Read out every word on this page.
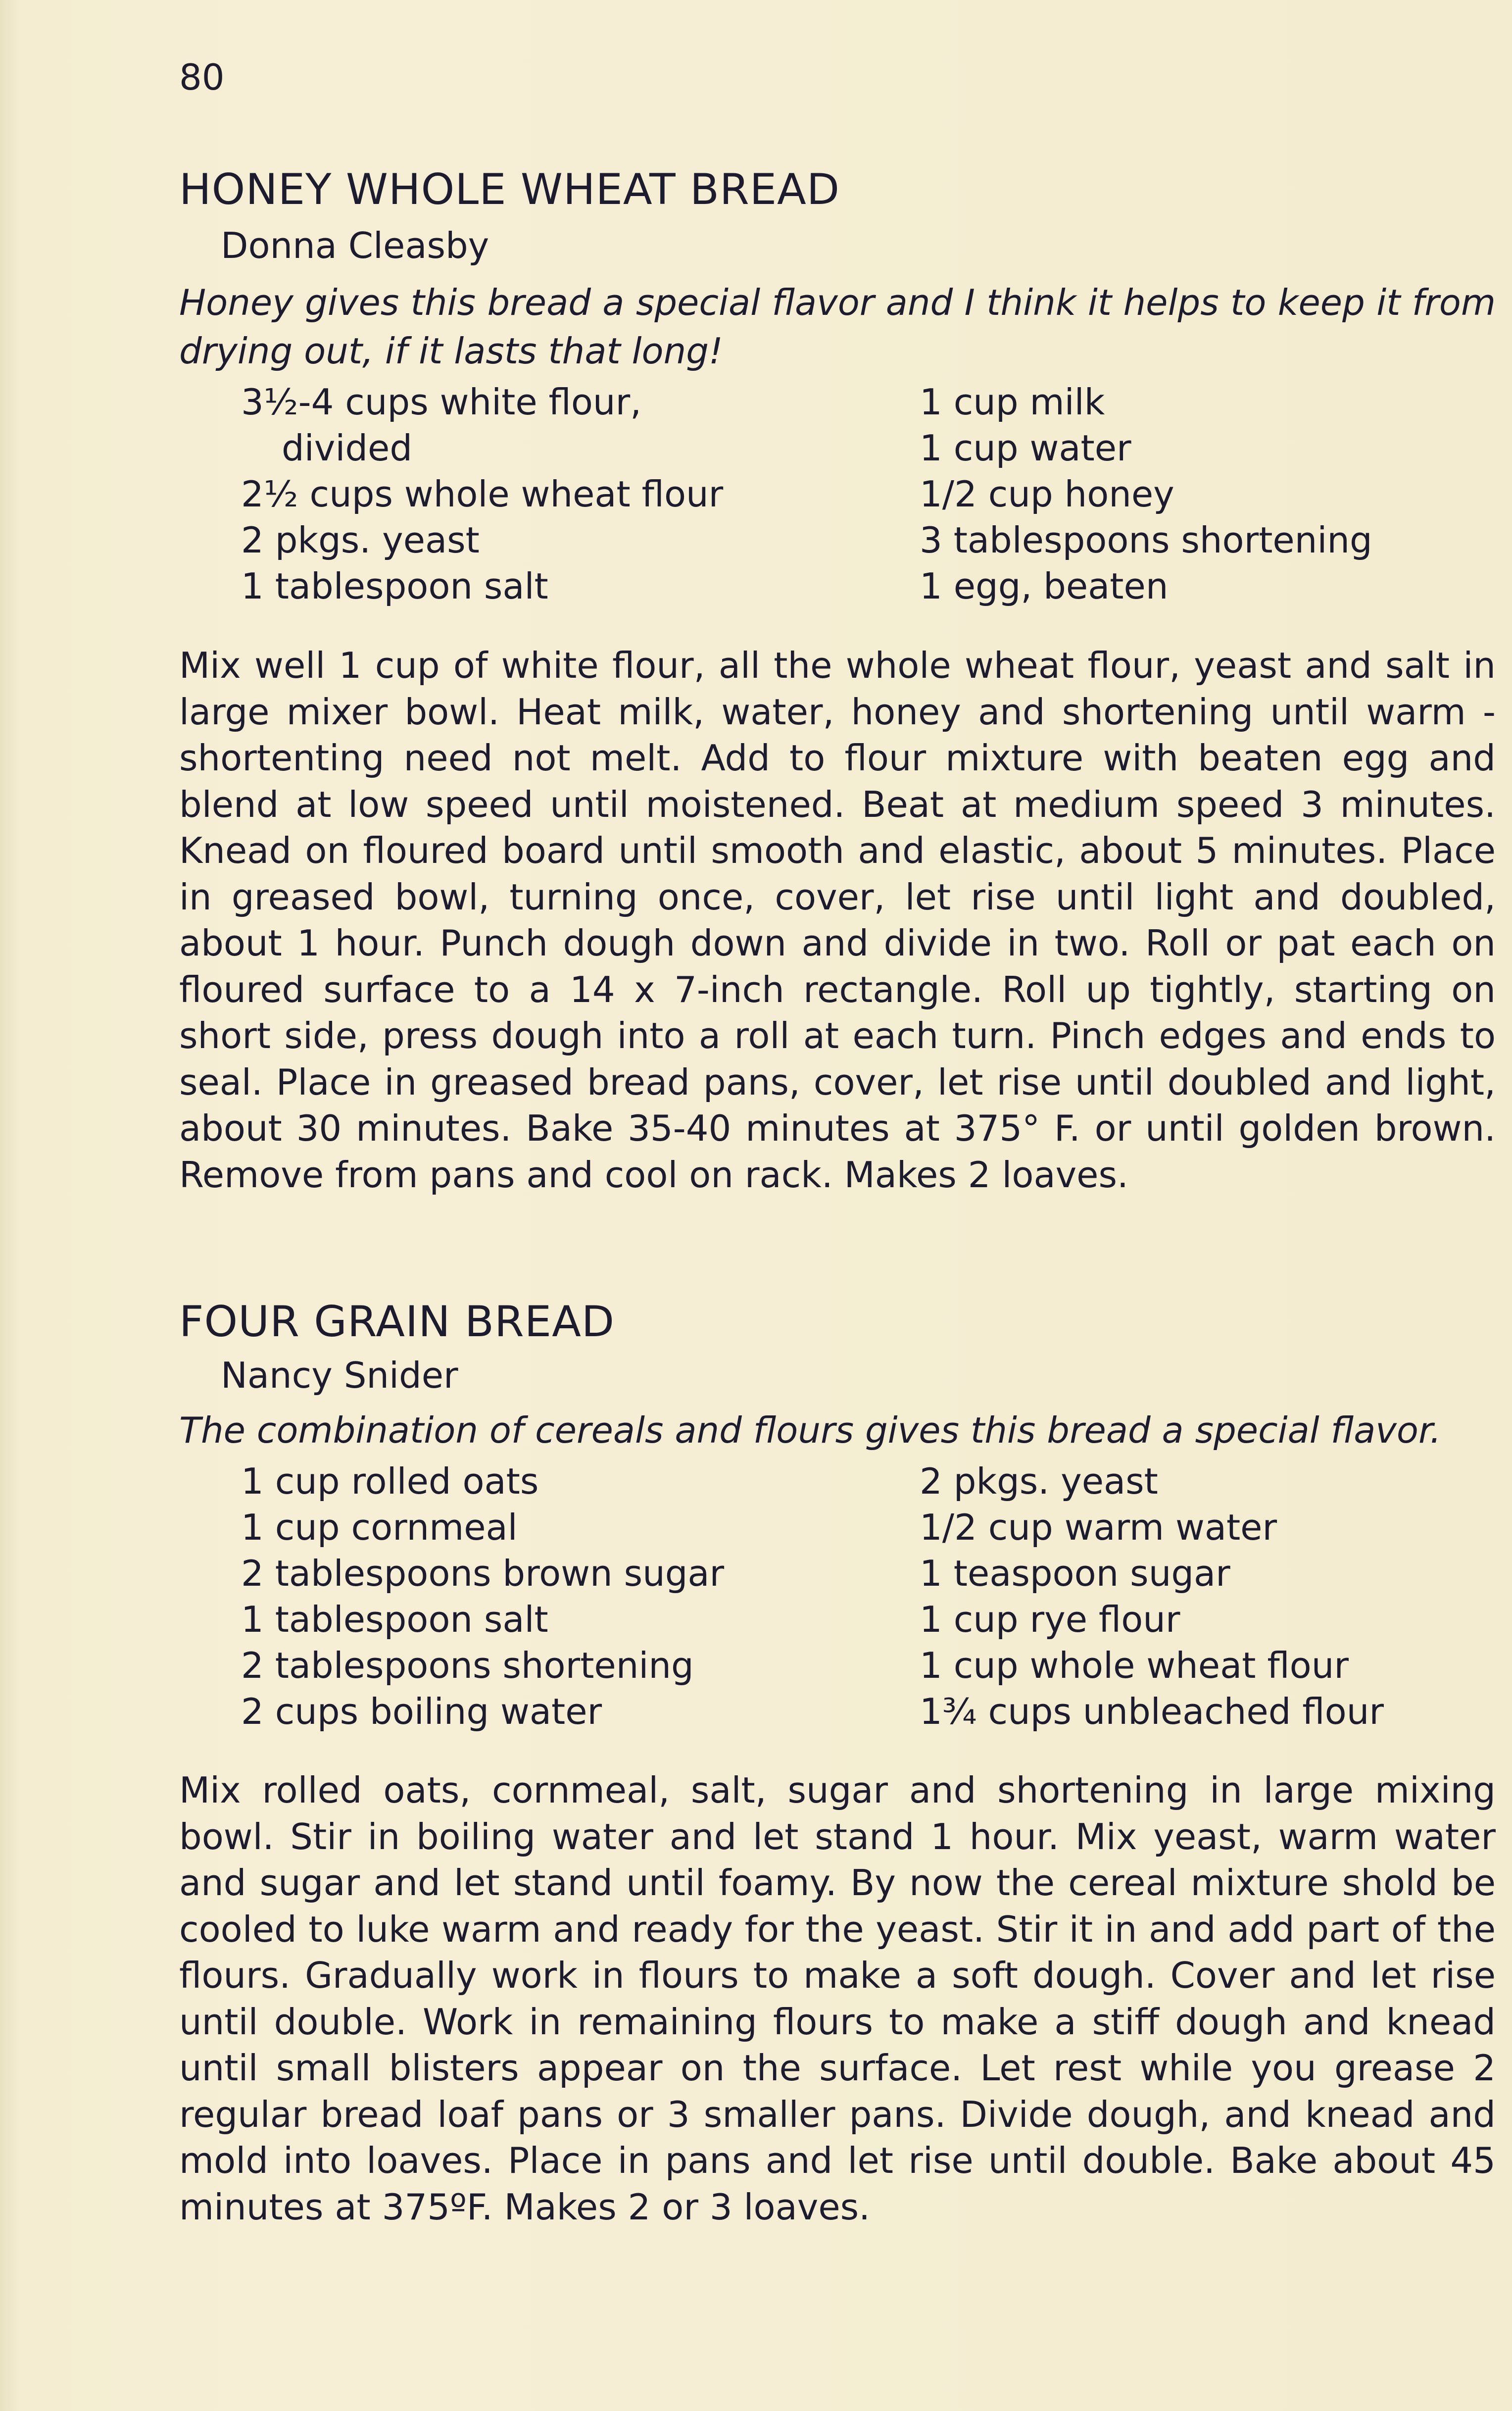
80
HONEY WHOLE WHEAT BREAD
Donna Cleasby
Honey gives this bread a special flavor and I think it helps to keep it from drying out, if it lasts that long!
3½-4 cups white flour,
divided
2½ cups whole wheat flour
2 pkgs. yeast
1 tablespoon salt
1 cup milk
1 cup water
1/2 cup honey
3 tablespoons shortening
1 egg, beaten

Mix well 1 cup of white flour, all the whole wheat flour, yeast and salt in large mixer bowl. Heat milk, water, honey and shortening until warm - shortenting need not melt. Add to flour mixture with beaten egg and blend at low speed until moistened. Beat at medium speed 3 minutes. Knead on floured board until smooth and elastic, about 5 minutes. Place in greased bowl, turning once, cover, let rise until light and doubled, about 1 hour. Punch dough down and divide in two. Roll or pat each on floured surface to a 14 x 7-inch rectangle. Roll up tightly, starting on short side, press dough into a roll at each turn. Pinch edges and ends to seal. Place in greased bread pans, cover, let rise until doubled and light, about 30 minutes. Bake 35-40 minutes at 375° F. or until golden brown. Remove from pans and cool on rack. Makes 2 loaves.

FOUR GRAIN BREAD
Nancy Snider
The combination of cereals and flours gives this bread a special flavor.
1 cup rolled oats
1 cup cornmeal
2 tablespoons brown sugar
1 tablespoon salt
2 tablespoons shortening
2 cups boiling water
2 pkgs. yeast
1/2 cup warm water
1 teaspoon sugar
1 cup rye flour
1 cup whole wheat flour
1¾ cups unbleached flour

Mix rolled oats, cornmeal, salt, sugar and shortening in large mixing bowl. Stir in boiling water and let stand 1 hour. Mix yeast, warm water and sugar and let stand until foamy. By now the cereal mixture shold be cooled to luke warm and ready for the yeast. Stir it in and add part of the flours. Gradually work in flours to make a soft dough. Cover and let rise until double. Work in remaining flours to make a stiff dough and knead until small blisters appear on the surface. Let rest while you grease 2 regular bread loaf pans or 3 smaller pans. Divide dough, and knead and mold into loaves. Place in pans and let rise until double. Bake about 45 minutes at 375ºF. Makes 2 or 3 loaves.
